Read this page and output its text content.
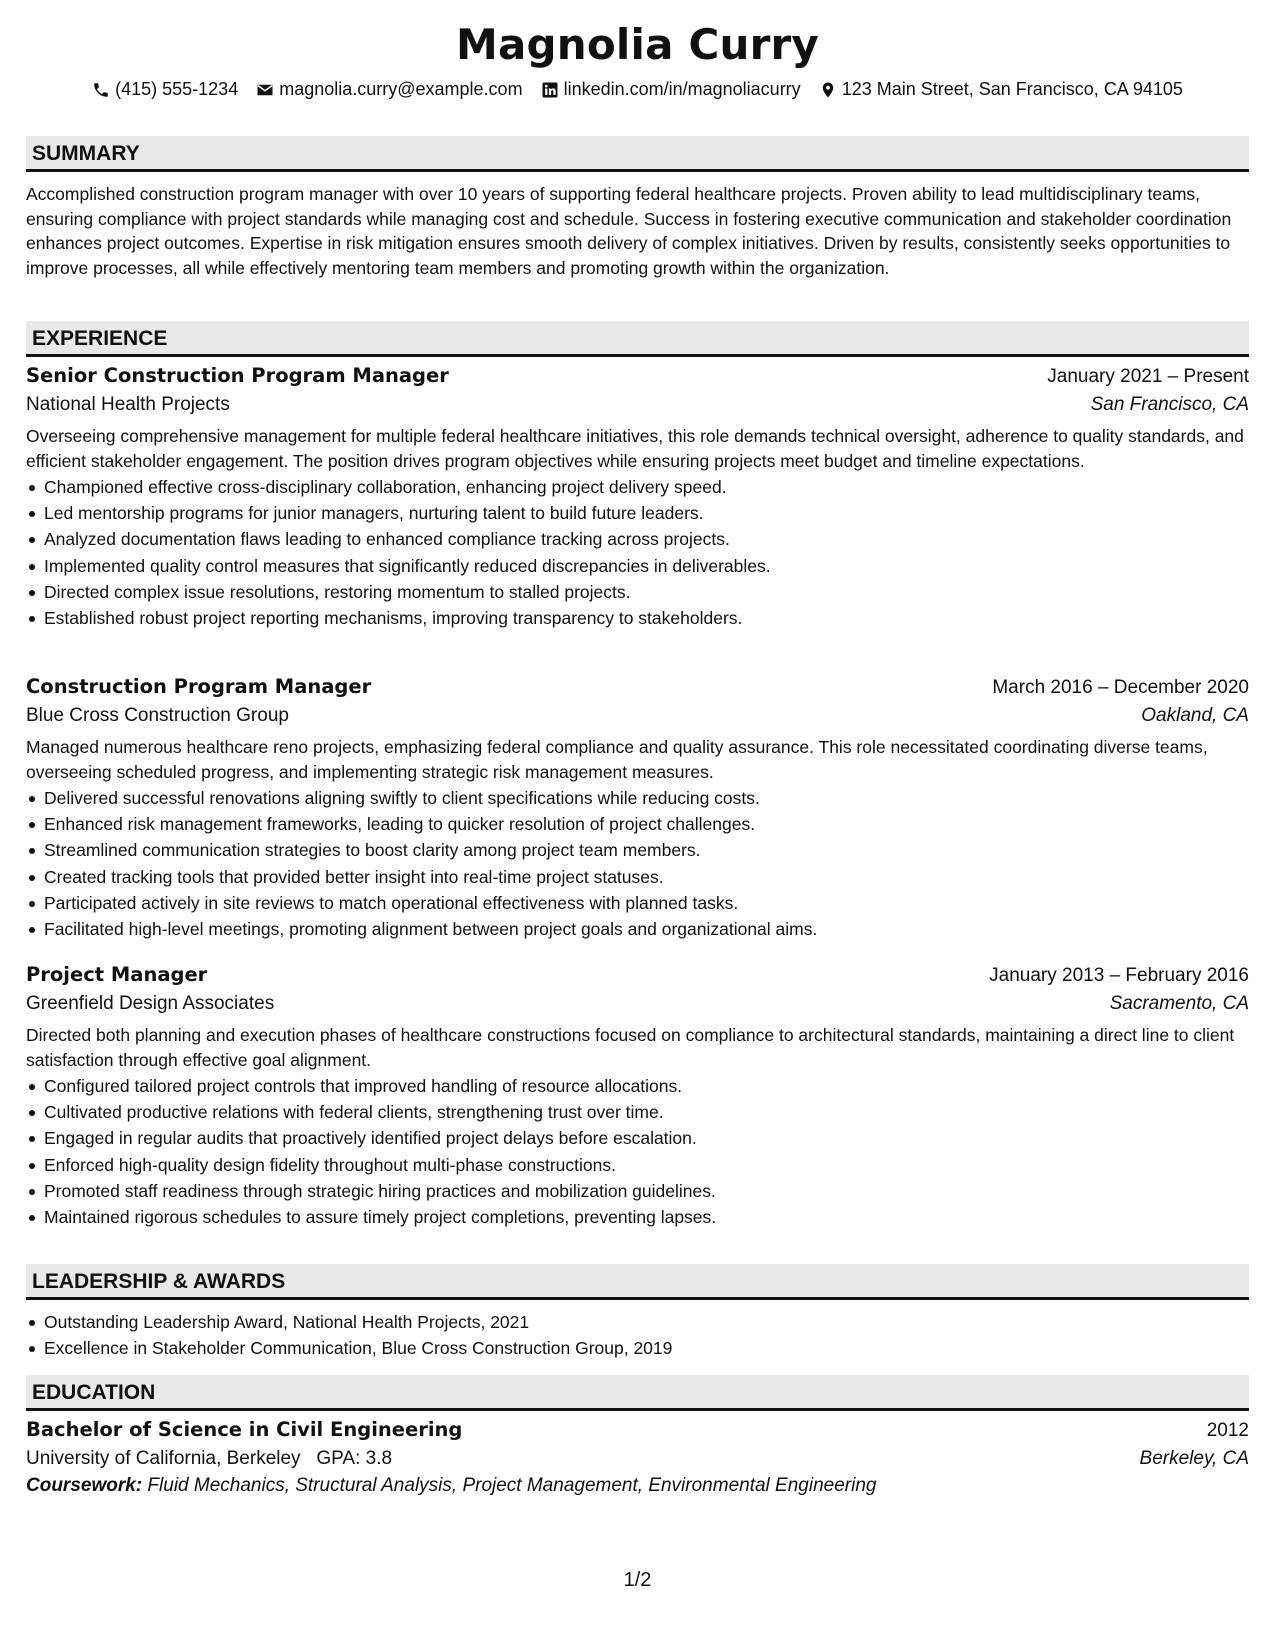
Magnolia Curry
(415) 555-1234 magnolia.curry@example.com linkedin.com/in/magnoliacurry 123 Main Street, San Francisco, CA 94105
SUMMARY

Accomplished construction program manager with over 10 years of supporting federal healthcare projects. Proven ability to lead multidisciplinary teams, ensuring compliance with project standards while managing cost and schedule. Success in fostering executive communication and stakeholder coordination enhances project outcomes. Expertise in risk mitigation ensures smooth delivery of complex initiatives. Driven by results, consistently seeks opportunities to improve processes, all while effectively mentoring team members and promoting growth within the organization.

EXPERIENCE
Senior Construction Program Manager	January 2021 – Present
National Health Projects	San Francisco, CA

Overseeing comprehensive management for multiple federal healthcare initiatives, this role demands technical oversight, adherence to quality standards, and efficient stakeholder engagement. The position drives program objectives while ensuring projects meet budget and timeline expectations.

Championed effective cross-disciplinary collaboration, enhancing project delivery speed.
Led mentorship programs for junior managers, nurturing talent to build future leaders.
Analyzed documentation flaws leading to enhanced compliance tracking across projects.
Implemented quality control measures that significantly reduced discrepancies in deliverables.
Directed complex issue resolutions, restoring momentum to stalled projects.
Established robust project reporting mechanisms, improving transparency to stakeholders.
Construction Program Manager	March 2016 – December 2020
Blue Cross Construction Group	Oakland, CA

Managed numerous healthcare reno projects, emphasizing federal compliance and quality assurance. This role necessitated coordinating diverse teams, overseeing scheduled progress, and implementing strategic risk management measures.

Delivered successful renovations aligning swiftly to client specifications while reducing costs.
Enhanced risk management frameworks, leading to quicker resolution of project challenges.
Streamlined communication strategies to boost clarity among project team members.
Created tracking tools that provided better insight into real-time project statuses.
Participated actively in site reviews to match operational effectiveness with planned tasks.
Facilitated high-level meetings, promoting alignment between project goals and organizational aims.
Project Manager	January 2013 – February 2016
Greenfield Design Associates	Sacramento, CA

Directed both planning and execution phases of healthcare constructions focused on compliance to architectural standards, maintaining a direct line to client satisfaction through effective goal alignment.

Configured tailored project controls that improved handling of resource allocations.
Cultivated productive relations with federal clients, strengthening trust over time.
Engaged in regular audits that proactively identified project delays before escalation.
Enforced high-quality design fidelity throughout multi-phase constructions.
Promoted staff readiness through strategic hiring practices and mobilization guidelines.
Maintained rigorous schedules to assure timely project completions, preventing lapses.
LEADERSHIP & AWARDS
Outstanding Leadership Award, National Health Projects, 2021
Excellence in Stakeholder Communication, Blue Cross Construction Group, 2019
EDUCATION
Bachelor of Science in Civil Engineering	2012
University of California, Berkeley GPA: 3.8	Berkeley, CA
Coursework: Fluid Mechanics, Structural Analysis, Project Management, Environmental Engineering
1/2
